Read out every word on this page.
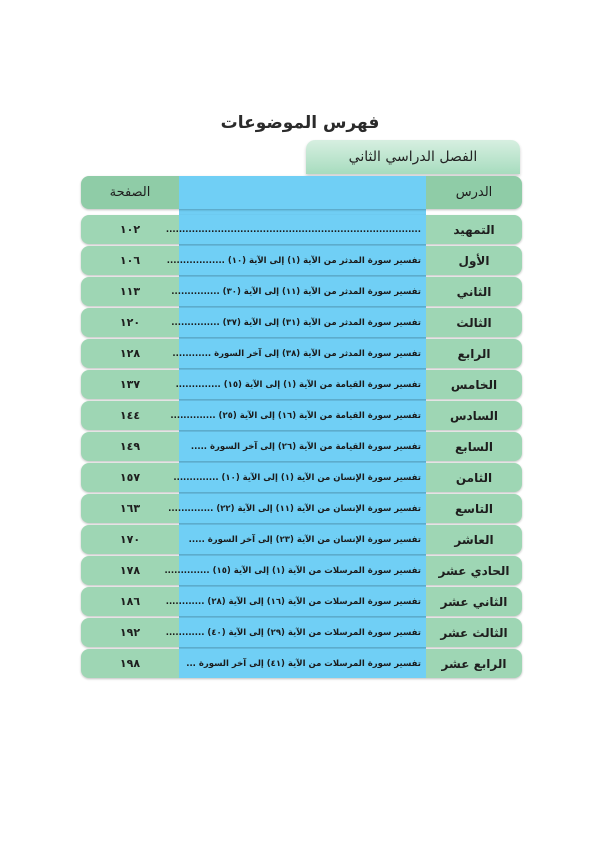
فهرس الموضوعات
الفصل الدراسي الثاني
الصفحة	الدرس
١٠٢	...............................................................................	التمهيد
١٠٦	تفسير سورة المدثر من الآية (١) إلى الآية (١٠) ..................	الأول
١١٣	تفسير سورة المدثر من الآية (١١) إلى الآية (٣٠) ...............	الثاني
١٢٠	تفسير سورة المدثر من الآية (٣١) إلى الآية (٣٧) ...............	الثالث
١٢٨	تفسير سورة المدثر من الآية (٣٨) إلى آخر السورة ............	الرابع
١٣٧	تفسير سورة القيامة من الآية (١) إلى الآية (١٥) ..............	الخامس
١٤٤	تفسير سورة القيامة من الآية (١٦) إلى الآية (٢٥) ..............	السادس
١٤٩	تفسير سورة القيامة من الآية (٢٦) إلى آخر السورة .....	السابع
١٥٧	تفسير سورة الإنسان من الآية (١) إلى الآية (١٠) ..............	الثامن
١٦٣	تفسير سورة الإنسان من الآية (١١) إلى الآية (٢٢) ..............	التاسع
١٧٠	تفسير سورة الإنسان من الآية (٢٣) إلى آخر السورة .....	العاشر
١٧٨	تفسير سورة المرسلات من الآية (١) إلى الآية (١٥) ..............	الحادي عشر
١٨٦	تفسير سورة المرسلات من الآية (١٦) إلى الآية (٢٨) ............	الثاني عشر
١٩٢	تفسير سورة المرسلات من الآية (٢٩) إلى الآية (٤٠) ............	الثالث عشر
١٩٨	تفسير سورة المرسلات من الآية (٤١) إلى آخر السورة ...	الرابع عشر
